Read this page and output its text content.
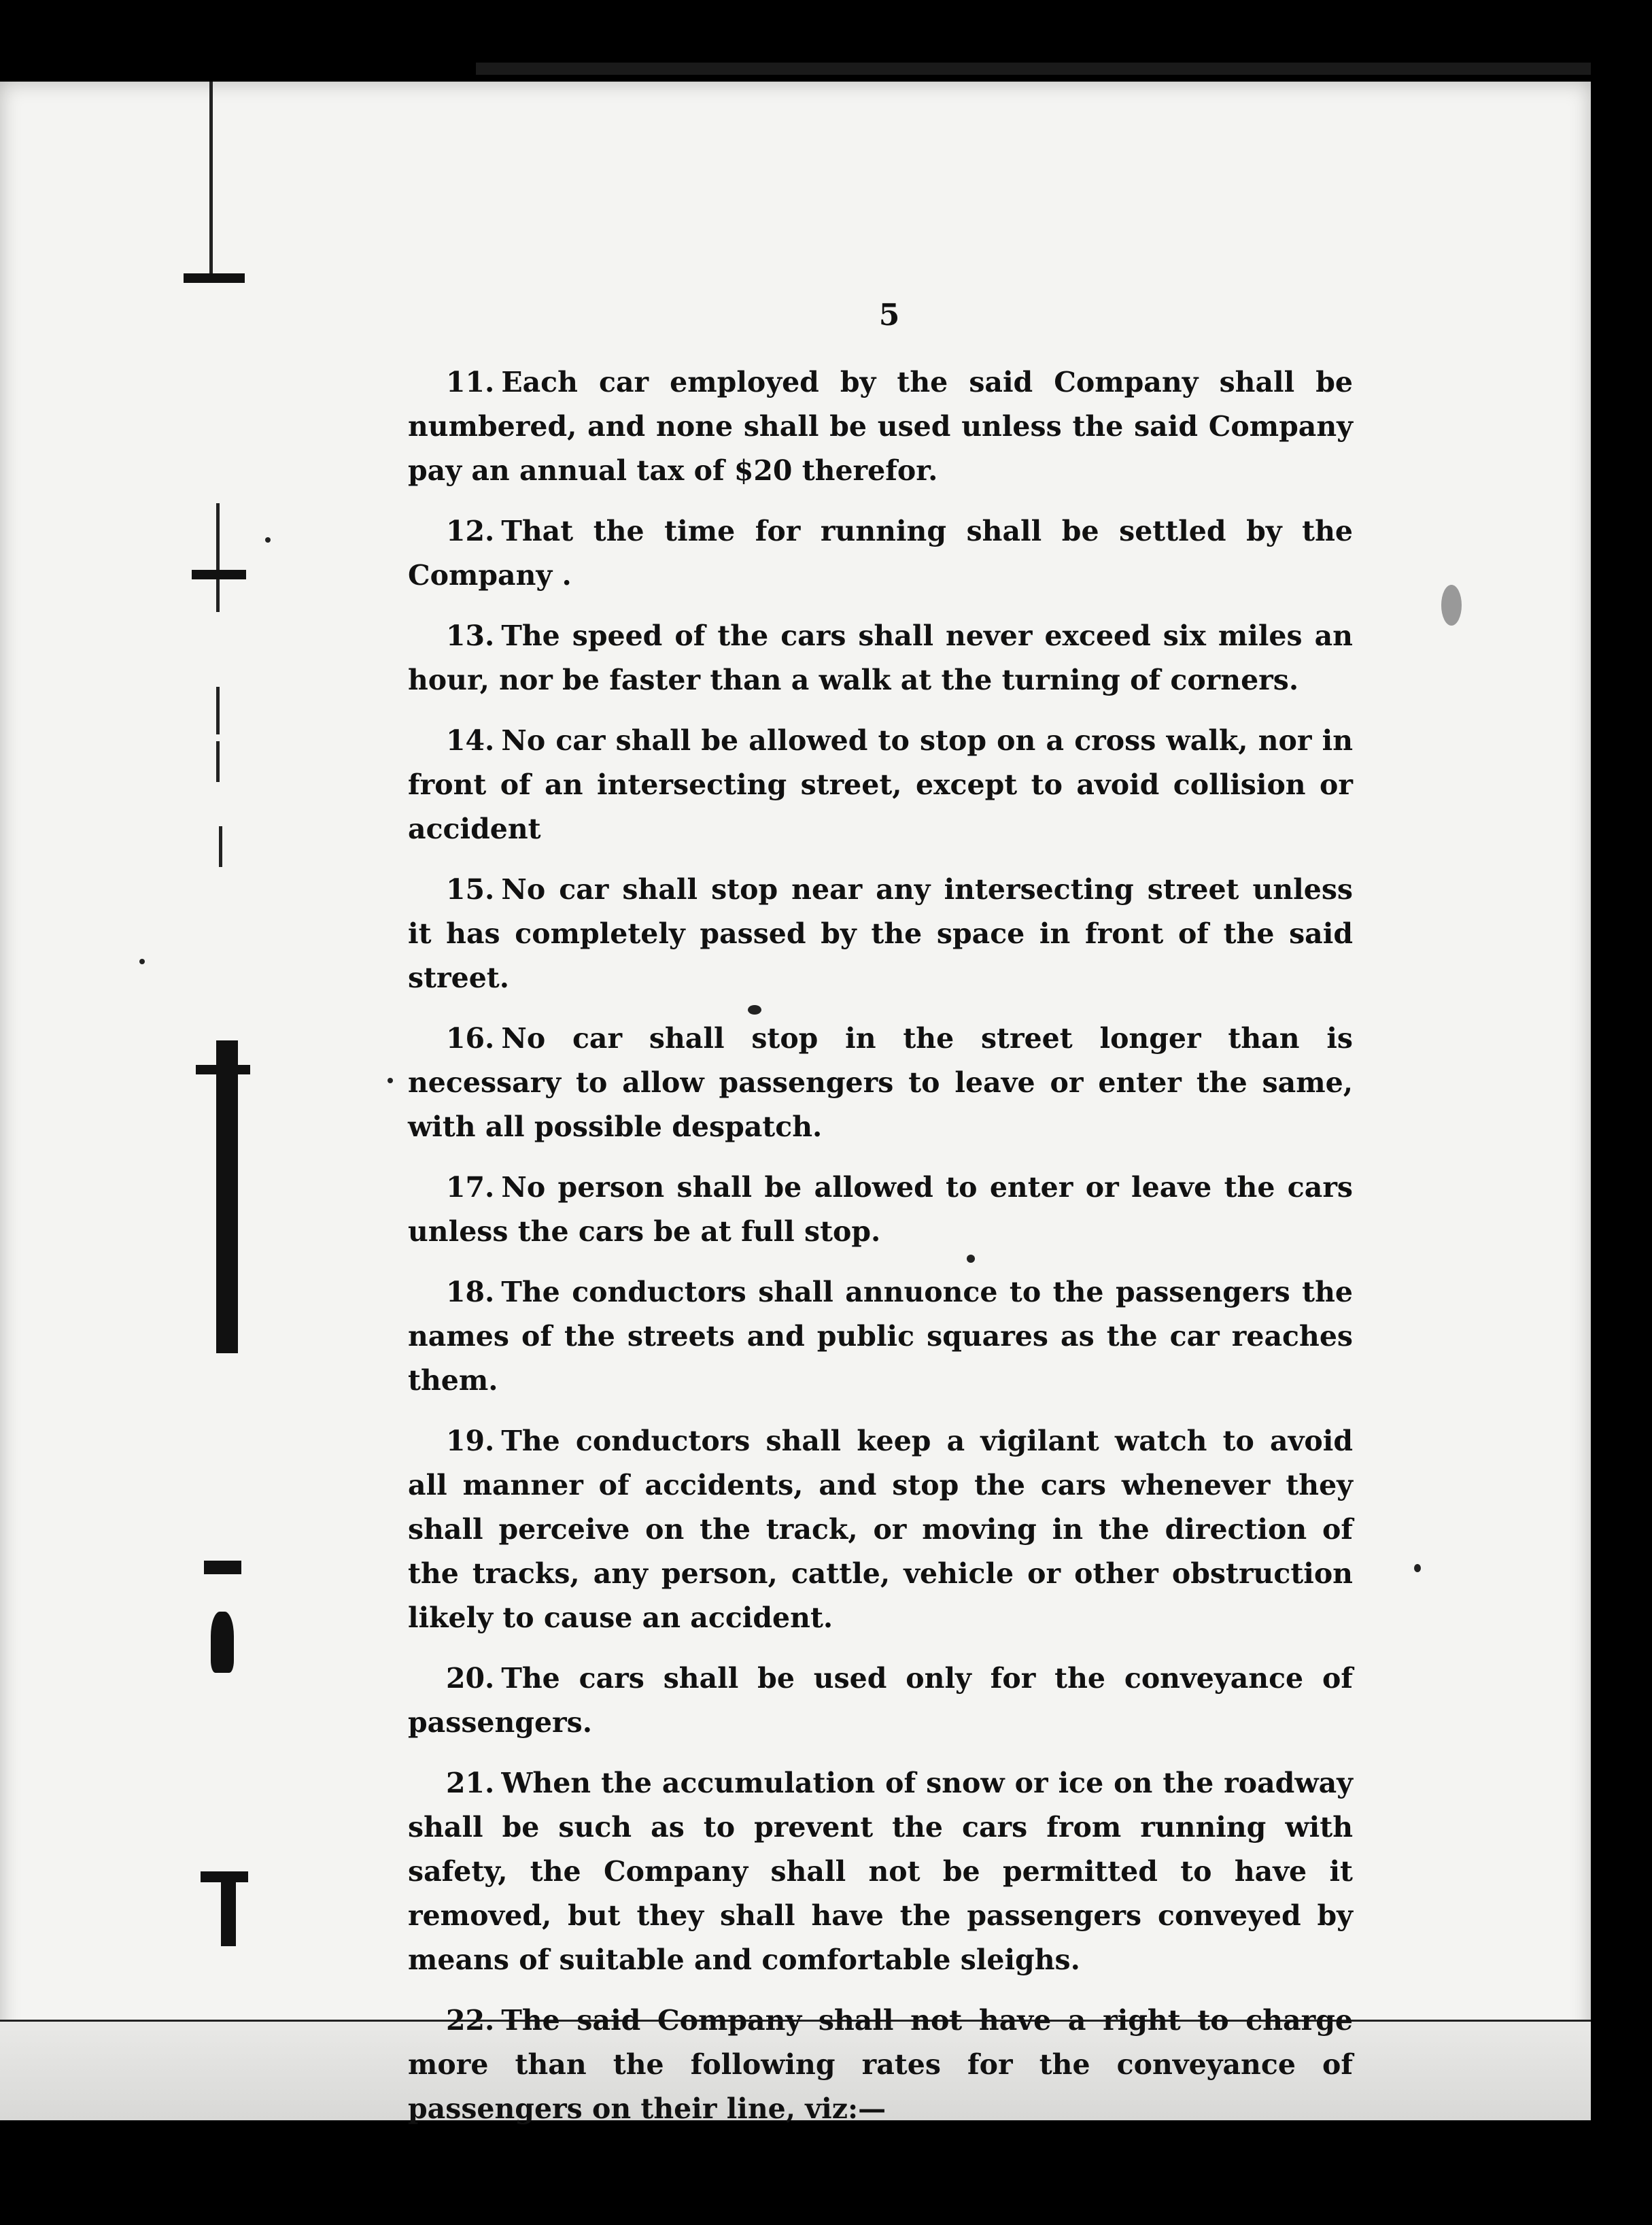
5

11. Each car employed by the said Company shall be numbered, and none shall be used unless the said Company pay an annual tax of $20 therefor.

12. That the time for running shall be settled by the Company .

13. The speed of the cars shall never exceed six miles an hour, nor be faster than a walk at the turning of corners.

14. No car shall be allowed to stop on a cross walk, nor in front of an intersecting street, except to avoid collision or accident

15. No car shall stop near any intersecting street unless it has completely passed by the space in front of the said street.

16. No car shall stop in the street longer than is necessary to allow passengers to leave or enter the same, with all possible despatch.

17. No person shall be allowed to enter or leave the cars unless the cars be at full stop.

18. The conductors shall annuonce to the passengers the names of the streets and public squares as the car reaches them.

19. The conductors shall keep a vigilant watch to avoid all manner of accidents, and stop the cars whenever they shall perceive on the track, or moving in the direction of the tracks, any person, cattle, vehicle or other obstruction likely to cause an accident.

20. The cars shall be used only for the conveyance of passengers.

21. When the accumulation of snow or ice on the roadway shall be such as to prevent the cars from running with safety, the Company shall not be permitted to have it removed, but they shall have the passengers conveyed by means of suitable and comfortable sleighs.

22. The said Company shall not have a right to charge more than the following rates for the conveyance of passengers on their line, viz:—
